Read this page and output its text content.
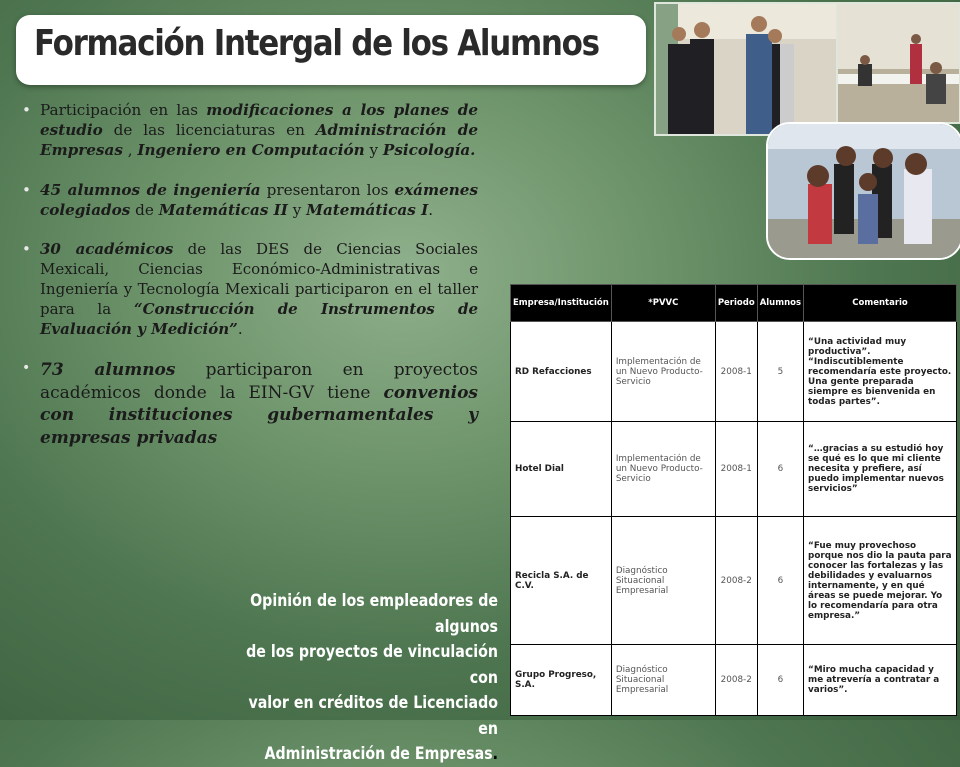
Formación Intergal de los Alumnos
• Participación en las modificaciones a los planes de estudio de las licenciaturas en Administración de Empresas , Ingeniero en Computación y Psicología.
• 45 alumnos de ingeniería presentaron los exámenes colegiados de Matemáticas II y Matemáticas I.
• 30 académicos de las DES de Ciencias Sociales Mexicali, Ciencias Económico-Administrativas e Ingeniería y Tecnología Mexicali participaron en el taller para la “Construcción de Instrumentos de Evaluación y Medición”.
• 73 alumnos participaron en proyectos académicos donde la EIN-GV tiene convenios con instituciones gubernamentales y empresas privadas
Opinión de los empleadores de algunos
de los proyectos de vinculación con
valor en créditos de Licenciado en
Administración de Empresas.
Empresa/Institución	*PVVC	Periodo	Alumnos	Comentario
RD Refacciones	Implementación de un Nuevo Producto-Servicio	2008-1	5	“Una actividad muy productiva”. “Indiscutiblemente recomendaría este proyecto. Una gente preparada siempre es bienvenida en todas partes”.
Hotel Dial	Implementación de un Nuevo Producto-Servicio	2008-1	6	“…gracias a su estudió hoy se qué es lo que mi cliente necesita y prefiere, así puedo implementar nuevos servicios”
Recicla S.A. de C.V.	Diagnóstico Situacional Empresarial	2008-2	6	“Fue muy provechoso porque nos dio la pauta para conocer las fortalezas y las debilidades y evaluarnos internamente, y en qué áreas se puede mejorar. Yo lo recomendaría para otra empresa.”
Grupo Progreso, S.A.	Diagnóstico Situacional Empresarial	2008-2	6	“Miro mucha capacidad y me atrevería a contratar a varios”.
